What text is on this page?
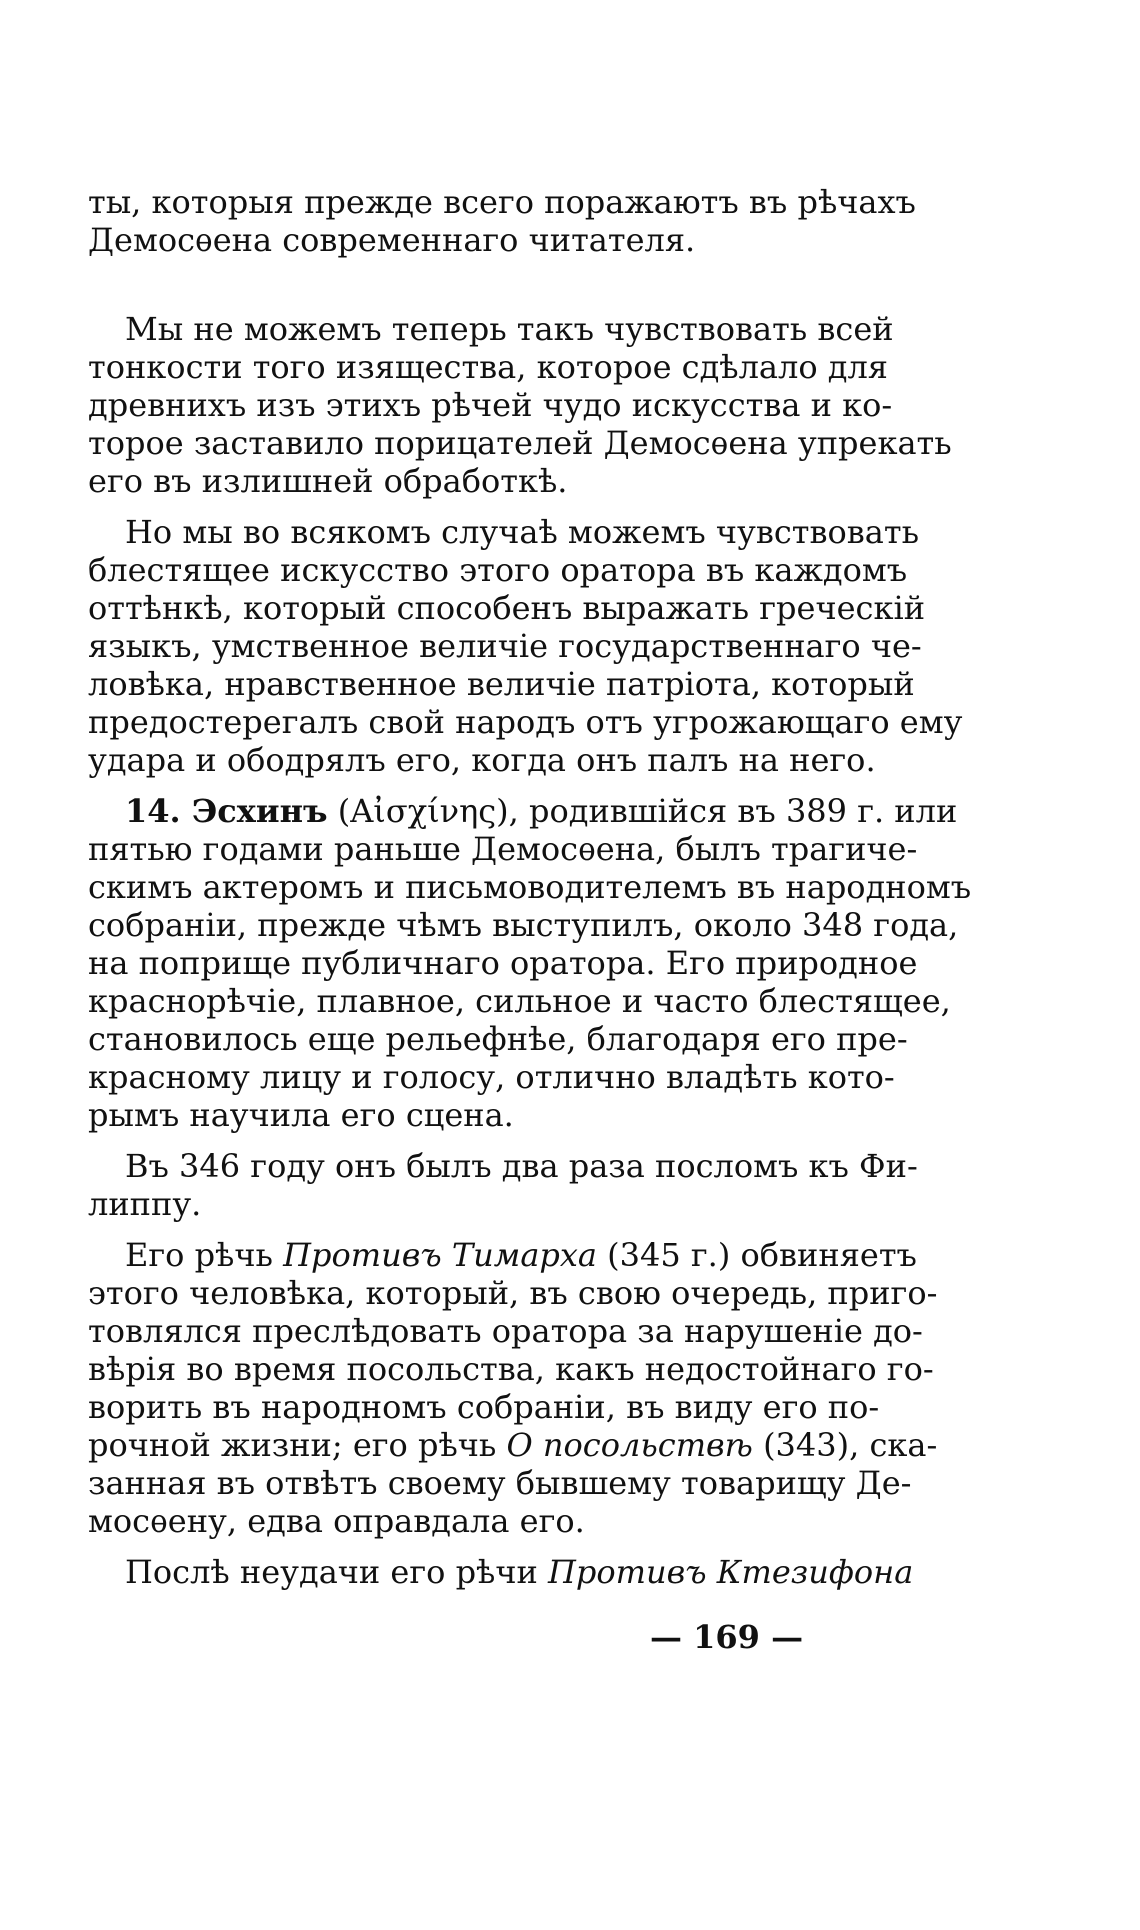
ты, которыя прежде всего поражаютъ въ рѣчахъ
Демосѳена современнаго читателя.
Мы не можемъ теперь такъ чувствовать всей
тонкости того изящества, которое сдѣлало для
древнихъ изъ этихъ рѣчей чудо искусства и ко-
торое заставило порицателей Демосѳена упрекать
его въ излишней обработкѣ.
Но мы во всякомъ случаѣ можемъ чувствовать
блестящее искусство этого оратора въ каждомъ
оттѣнкѣ, который способенъ выражать греческій
языкъ, умственное величіе государственнаго че-
ловѣка, нравственное величіе патріота, который
предостерегалъ свой народъ отъ угрожающаго ему
удара и ободрялъ его, когда онъ палъ на него.
14. Эсхинъ (Αἰσχίνης), родившійся въ 389 г. или
пятью годами раньше Демосѳена, былъ трагиче-
скимъ актеромъ и письмоводителемъ въ народномъ
собраніи, прежде чѣмъ выступилъ, около 348 года,
на поприще публичнаго оратора. Его природное
краснорѣчіе, плавное, сильное и часто блестящее,
становилось еще рельефнѣе, благодаря его пре-
красному лицу и голосу, отлично владѣть кото-
рымъ научила его сцена.
Въ 346 году онъ былъ два раза посломъ къ Фи-
липпу.
Его рѣчь Противъ Тимарха (345 г.) обвиняетъ
этого человѣка, который, въ свою очередь, приго-
товлялся преслѣдовать оратора за нарушеніе до-
вѣрія во время посольства, какъ недостойнаго го-
ворить въ народномъ собраніи, въ виду его по-
рочной жизни; его рѣчь О посольствѣ (343), ска-
занная въ отвѣтъ своему бывшему товарищу Де-
мосѳену, едва оправдала его.
Послѣ неудачи его рѣчи Противъ Ктезифона
— 169 —
